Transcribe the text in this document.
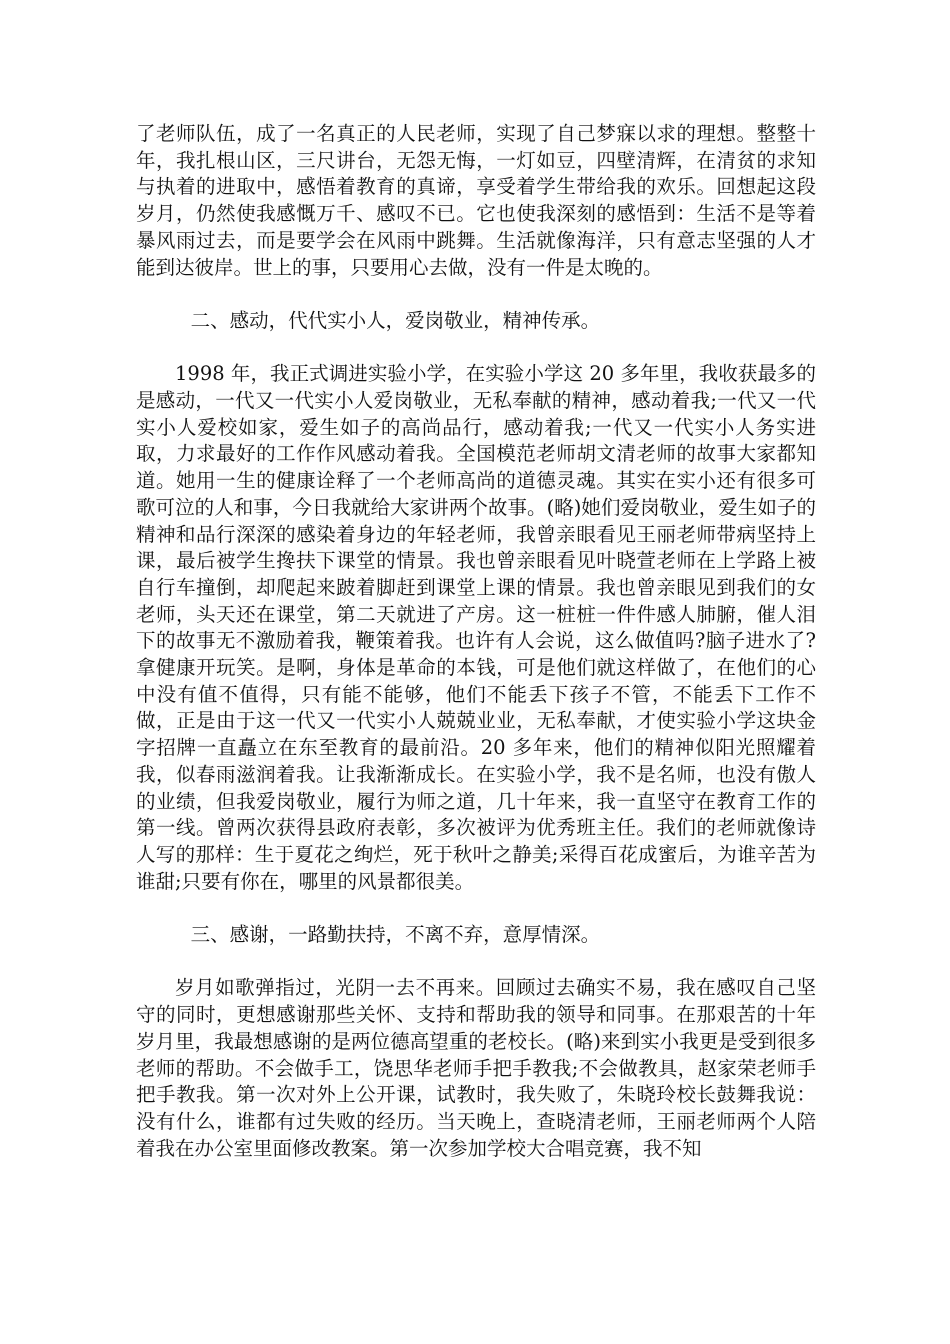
了老师队伍，成了一名真正的人民老师，实现了自己梦寐以求的理想。整整十年，我扎根山区，三尺讲台，无怨无悔，一灯如豆，四壁清辉，在清贫的求知与执着的进取中，感悟着教育的真谛，享受着学生带给我的欢乐。回想起这段岁月，仍然使我感慨万千、感叹不已。它也使我深刻的感悟到：生活不是等着暴风雨过去，而是要学会在风雨中跳舞。生活就像海洋，只有意志坚强的人才能到达彼岸。世上的事，只要用心去做，没有一件是太晚的。

二、感动，代代实小人，爱岗敬业，精神传承。

1998 年，我正式调进实验小学，在实验小学这 20 多年里，我收获最多的是感动，一代又一代实小人爱岗敬业，无私奉献的精神，感动着我;一代又一代实小人爱校如家，爱生如子的高尚品行，感动着我;一代又一代实小人务实进取，力求最好的工作作风感动着我。全国模范老师胡文清老师的故事大家都知道。她用一生的健康诠释了一个老师高尚的道德灵魂。其实在实小还有很多可歌可泣的人和事，今日我就给大家讲两个故事。(略)她们爱岗敬业，爱生如子的精神和品行深深的感染着身边的年轻老师，我曾亲眼看见王丽老师带病坚持上课，最后被学生搀扶下课堂的情景。我也曾亲眼看见叶晓萱老师在上学路上被自行车撞倒，却爬起来跛着脚赶到课堂上课的情景。我也曾亲眼见到我们的女老师，头天还在课堂，第二天就进了产房。这一桩桩一件件感人肺腑，催人泪下的故事无不激励着我，鞭策着我。也许有人会说，这么做值吗?脑子进水了?拿健康开玩笑。是啊，身体是革命的本钱，可是他们就这样做了，在他们的心中没有值不值得，只有能不能够，他们不能丢下孩子不管，不能丢下工作不做，正是由于这一代又一代实小人兢兢业业，无私奉献，才使实验小学这块金字招牌一直矗立在东至教育的最前沿。20 多年来，他们的精神似阳光照耀着我，似春雨滋润着我。让我渐渐成长。在实验小学，我不是名师，也没有傲人的业绩，但我爱岗敬业，履行为师之道，几十年来，我一直坚守在教育工作的第一线。曾两次获得县政府表彰，多次被评为优秀班主任。我们的老师就像诗人写的那样：生于夏花之绚烂，死于秋叶之静美;采得百花成蜜后，为谁辛苦为谁甜;只要有你在，哪里的风景都很美。

三、感谢，一路勤扶持，不离不弃，意厚情深。

岁月如歌弹指过，光阴一去不再来。回顾过去确实不易，我在感叹自己坚守的同时，更想感谢那些关怀、支持和帮助我的领导和同事。在那艰苦的十年岁月里，我最想感谢的是两位德高望重的老校长。(略)来到实小我更是受到很多老师的帮助。不会做手工，饶思华老师手把手教我;不会做教具，赵家荣老师手把手教我。第一次对外上公开课，试教时，我失败了，朱晓玲校长鼓舞我说：没有什么，谁都有过失败的经历。当天晚上，查晓清老师，王丽老师两个人陪着我在办公室里面修改教案。第一次参加学校大合唱竞赛，我不知
